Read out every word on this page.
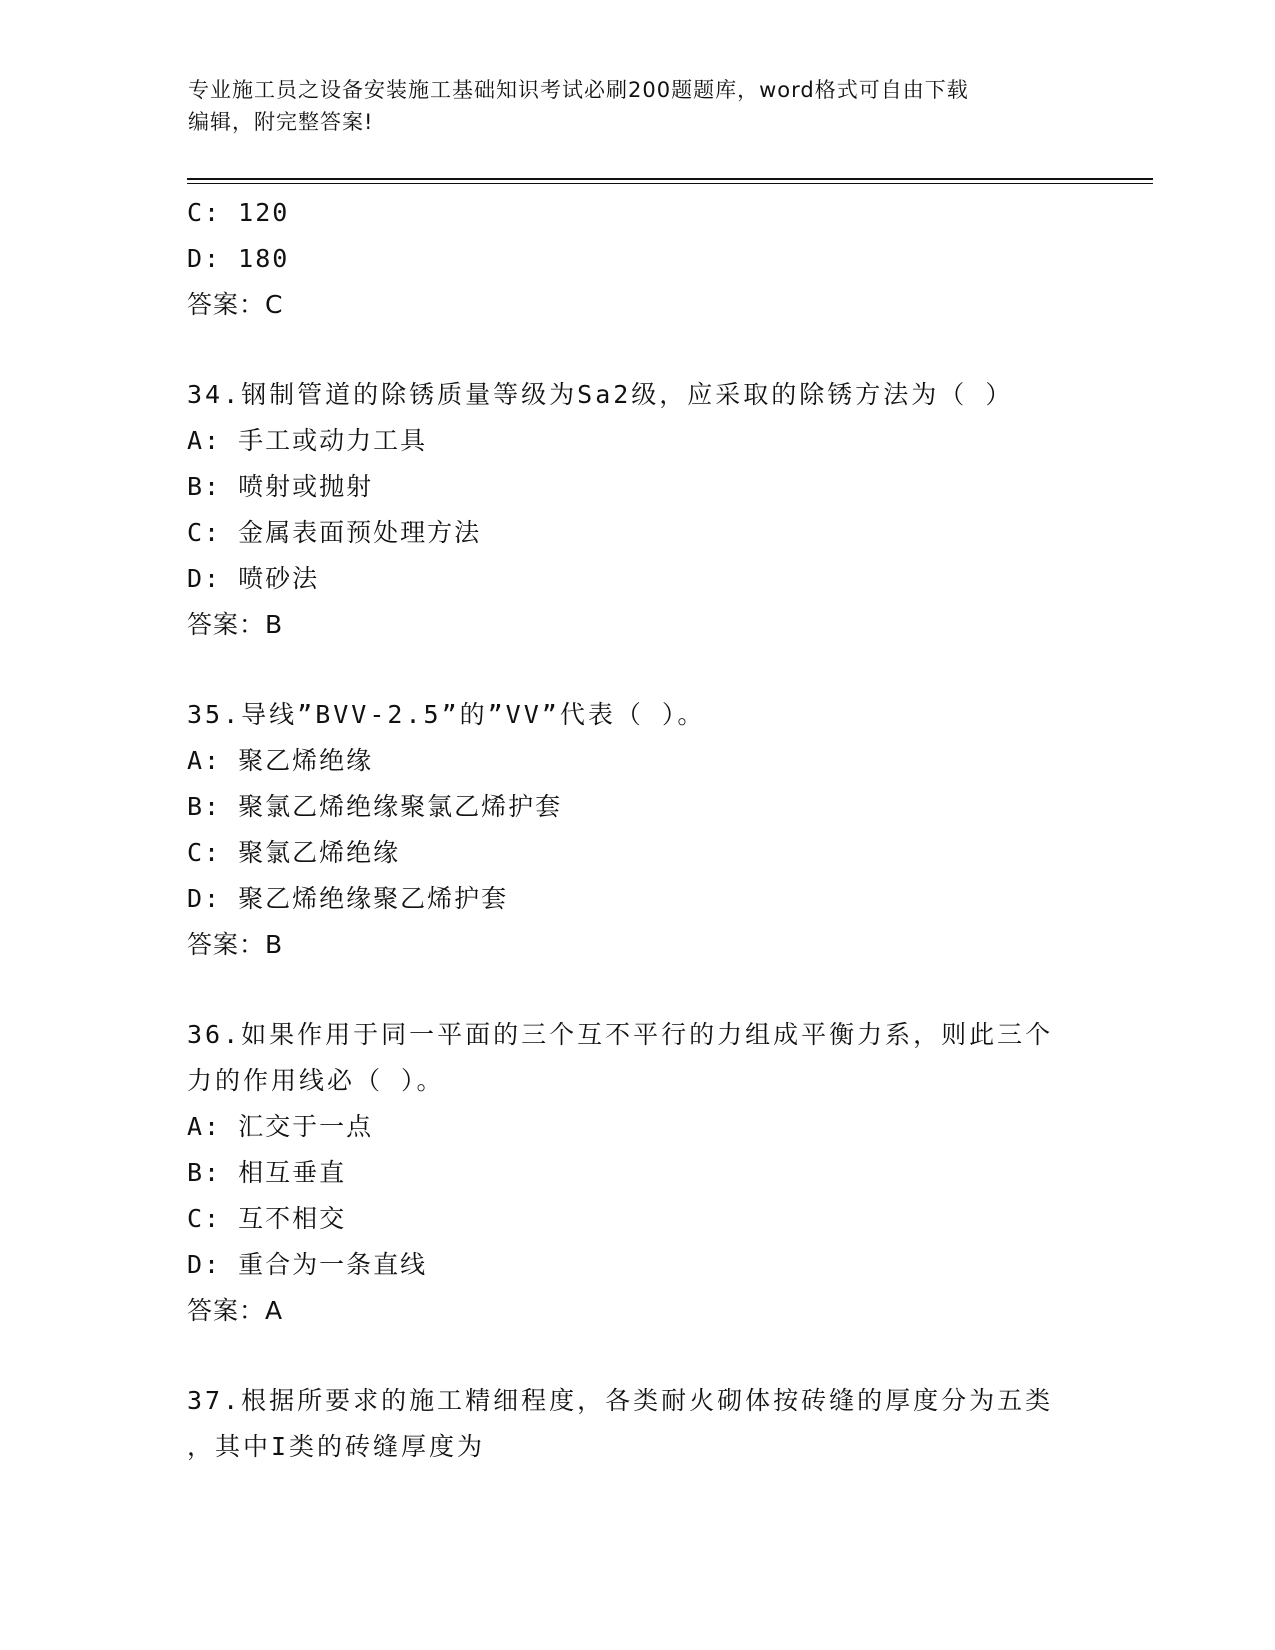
专业施工员之设备安装施工基础知识考试必刷200题题库，word格式可自由下载
编辑，附完整答案!
C: 120
D: 180
答案：C
34.钢制管道的除锈质量等级为Sa2级，应采取的除锈方法为（ ）
A: 手工或动力工具
B: 喷射或抛射
C: 金属表面预处理方法
D: 喷砂法
答案：B
35.导线”BVV-2.5”的”VV”代表（ ）。
A: 聚乙烯绝缘
B: 聚氯乙烯绝缘聚氯乙烯护套
C: 聚氯乙烯绝缘
D: 聚乙烯绝缘聚乙烯护套
答案：B
36.如果作用于同一平面的三个互不平行的力组成平衡力系，则此三个
力的作用线必（ ）。
A: 汇交于一点
B: 相互垂直
C: 互不相交
D: 重合为一条直线
答案：A
37.根据所要求的施工精细程度，各类耐火砌体按砖缝的厚度分为五类
，其中I类的砖缝厚度为
